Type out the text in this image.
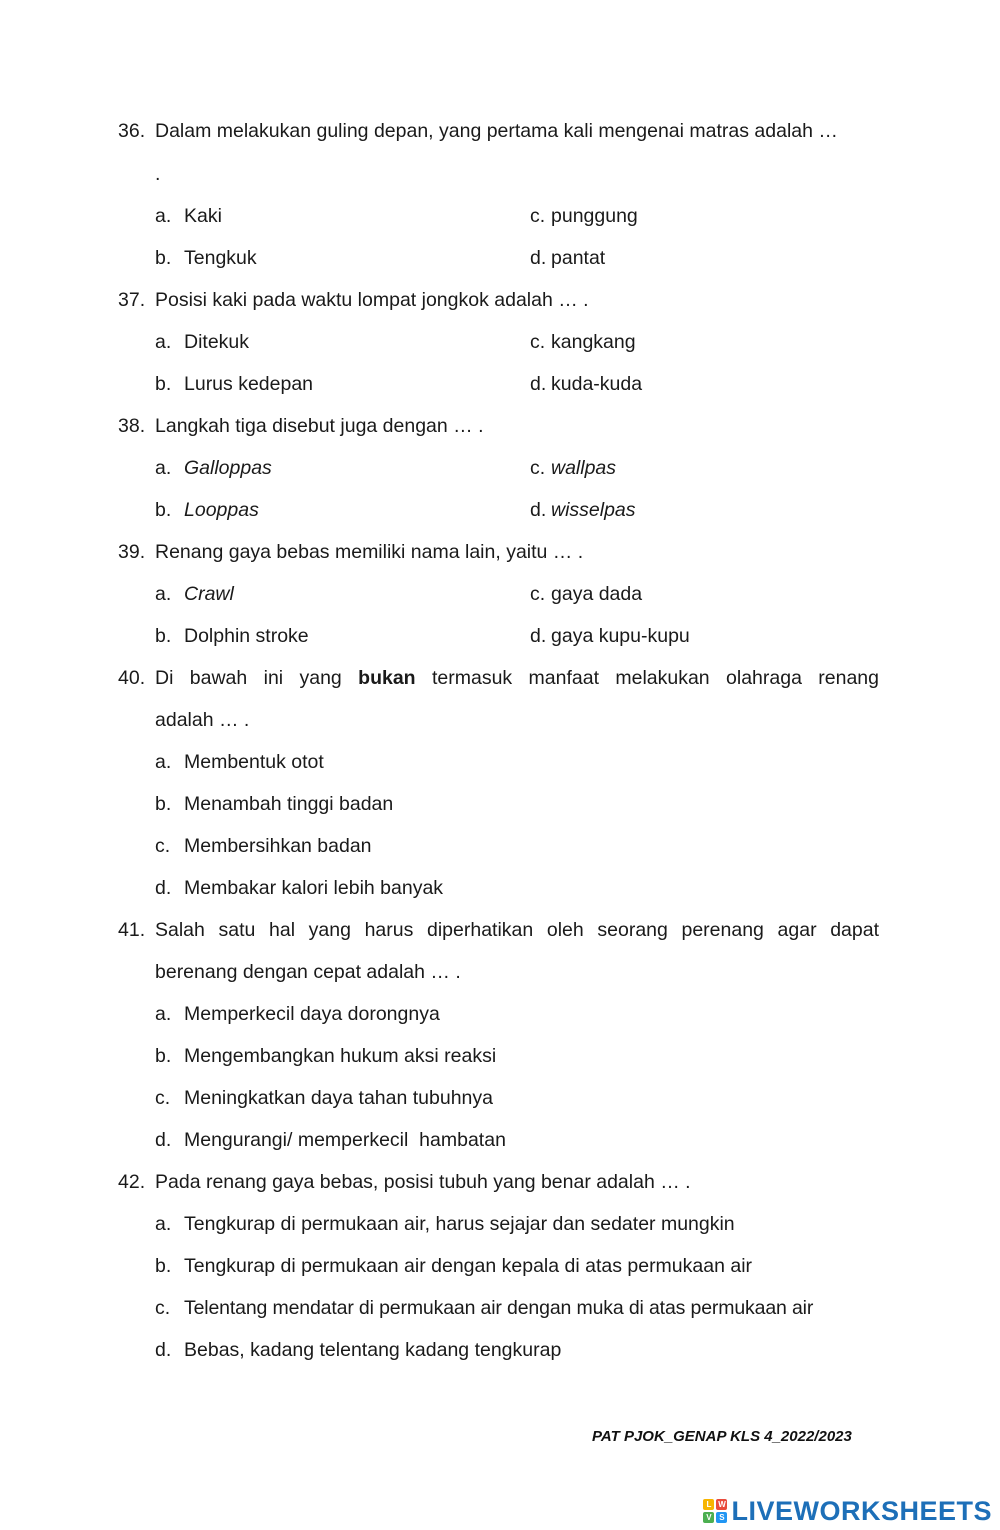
36. Dalam melakukan guling depan, yang pertama kali mengenai matras adalah …
.
a. Kaki	c. punggung
b. Tengkuk	d. pantat
37. Posisi kaki pada waktu lompat jongkok adalah … .
a. Ditekuk	c. kangkang
b. Lurus kedepan	d. kuda-kuda
38. Langkah tiga disebut juga dengan … .
a. Galloppas	c. wallpas
b. Looppas	d. wisselpas
39. Renang gaya bebas memiliki nama lain, yaitu … .
a. Crawl	c. gaya dada
b. Dolphin stroke	d. gaya kupu-kupu
40. Di bawah ini yang bukan termasuk manfaat melakukan olahraga renang
adalah … .
a. Membentuk otot
b. Menambah tinggi badan
c. Membersihkan badan
d. Membakar kalori lebih banyak
41. Salah satu hal yang harus diperhatikan oleh seorang perenang agar dapat
berenang dengan cepat adalah … .
a. Memperkecil daya dorongnya
b. Mengembangkan hukum aksi reaksi
c. Meningkatkan daya tahan tubuhnya
d. Mengurangi/ memperkecil  hambatan
42. Pada renang gaya bebas, posisi tubuh yang benar adalah … .
a. Tengkurap di permukaan air, harus sejajar dan sedater mungkin
b. Tengkurap di permukaan air dengan kepala di atas permukaan air
c. Telentang mendatar di permukaan air dengan muka di atas permukaan air
d. Bebas, kadang telentang kadang tengkurap
PAT PJOK_GENAP KLS 4_2022/2023
L W
V S LIVEWORKSHEETS
